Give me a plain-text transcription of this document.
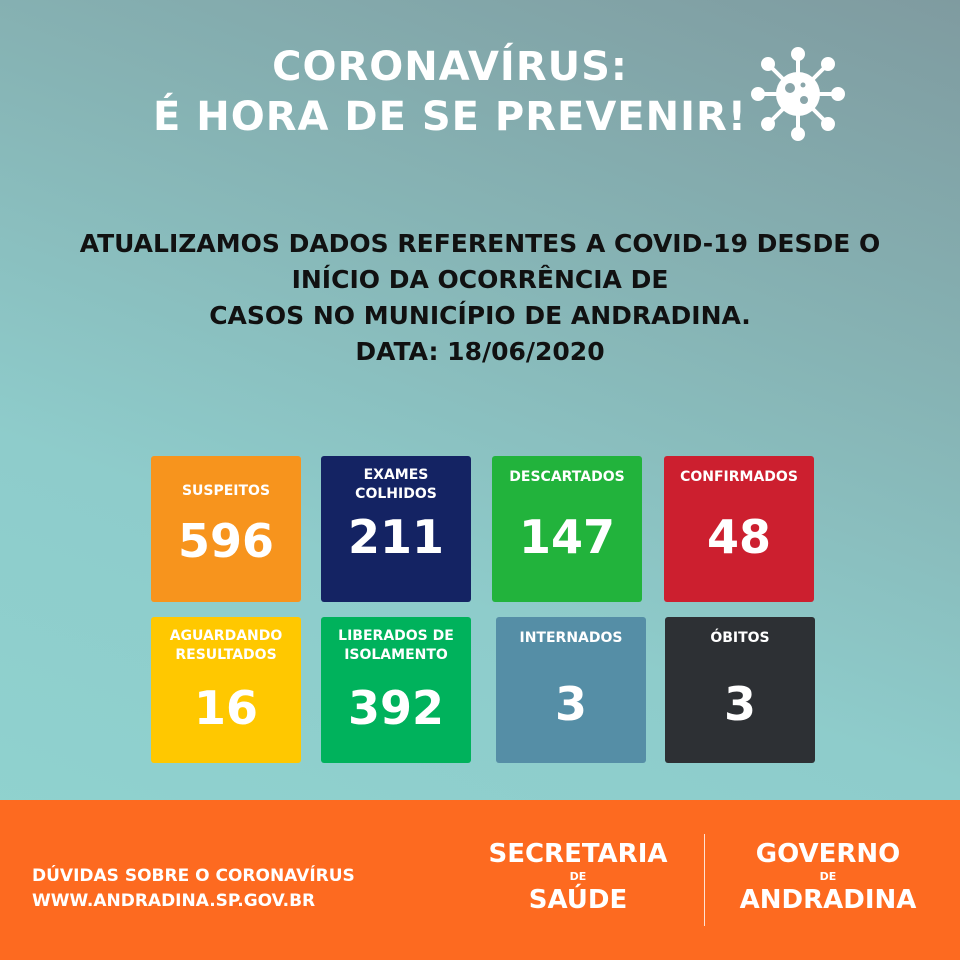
CORONAVÍRUS:
É HORA DE SE PREVENIR!
ATUALIZAMOS DADOS REFERENTES A COVID-19 DESDE O
INÍCIO DA OCORRÊNCIA DE
CASOS NO MUNICÍPIO DE ANDRADINA.
DATA: 18/06/2020
SUSPEITOS
596
EXAMES
COLHIDOS
211
DESCARTADOS
147
CONFIRMADOS
48
AGUARDANDO
RESULTADOS
16
LIBERADOS DE
ISOLAMENTO
392
INTERNADOS
3
ÓBITOS
3
DÚVIDAS SOBRE O CORONAVÍRUS
WWW.ANDRADINA.SP.GOV.BR
SECRETARIA
DE
SAÚDE
GOVERNO
DE
ANDRADINA
